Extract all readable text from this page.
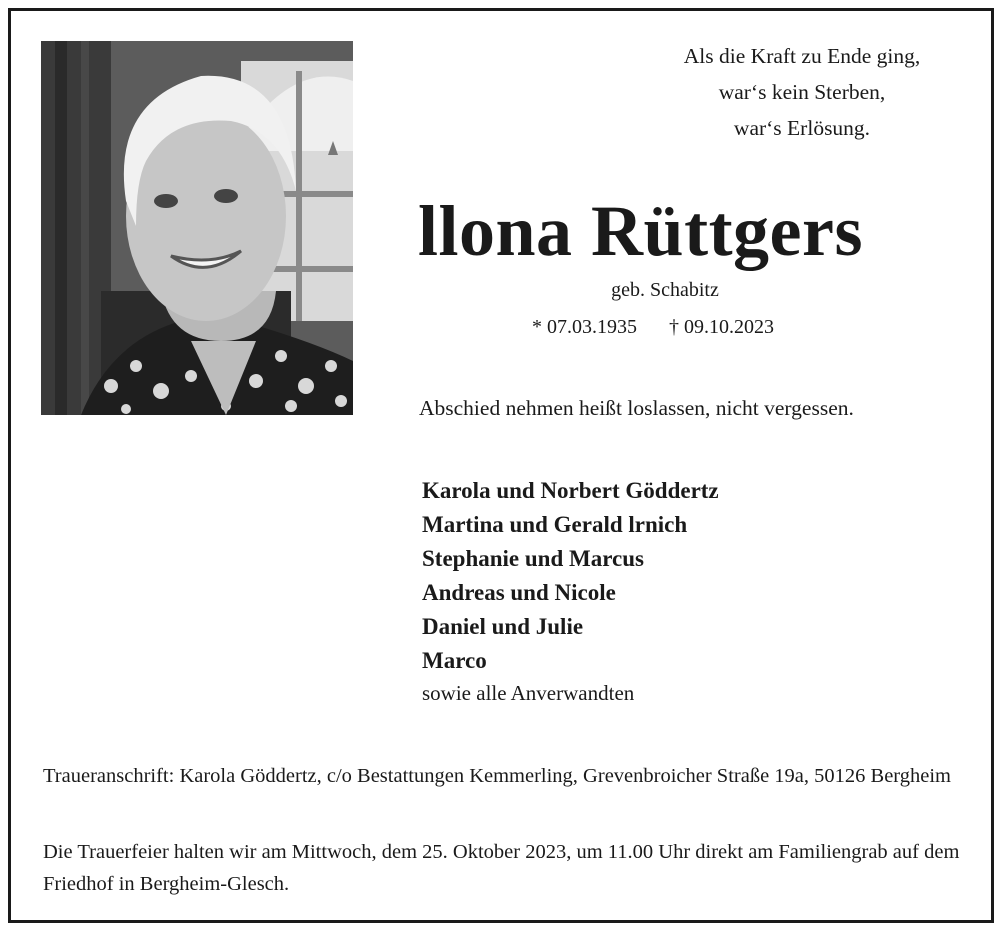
Als die Kraft zu Ende ging,
war‘s kein Sterben,
war‘s Erlösung.
llona Rüttgers
geb. Schabitz
* 07.03.1935 † 09.10.2023
Abschied nehmen heißt loslassen, nicht vergessen.
Karola und Norbert Göddertz
Martina und Gerald lrnich
Stephanie und Marcus
Andreas und Nicole
Daniel und Julie
Marco
sowie alle Anverwandten
Traueranschrift: Karola Göddertz, c/o Bestattungen Kemmerling, Grevenbroicher Straße 19a, 50126 Bergheim
Die Trauerfeier halten wir am Mittwoch, dem 25. Oktober 2023, um 11.00 Uhr direkt am Familiengrab auf dem Friedhof in Bergheim-Glesch.
